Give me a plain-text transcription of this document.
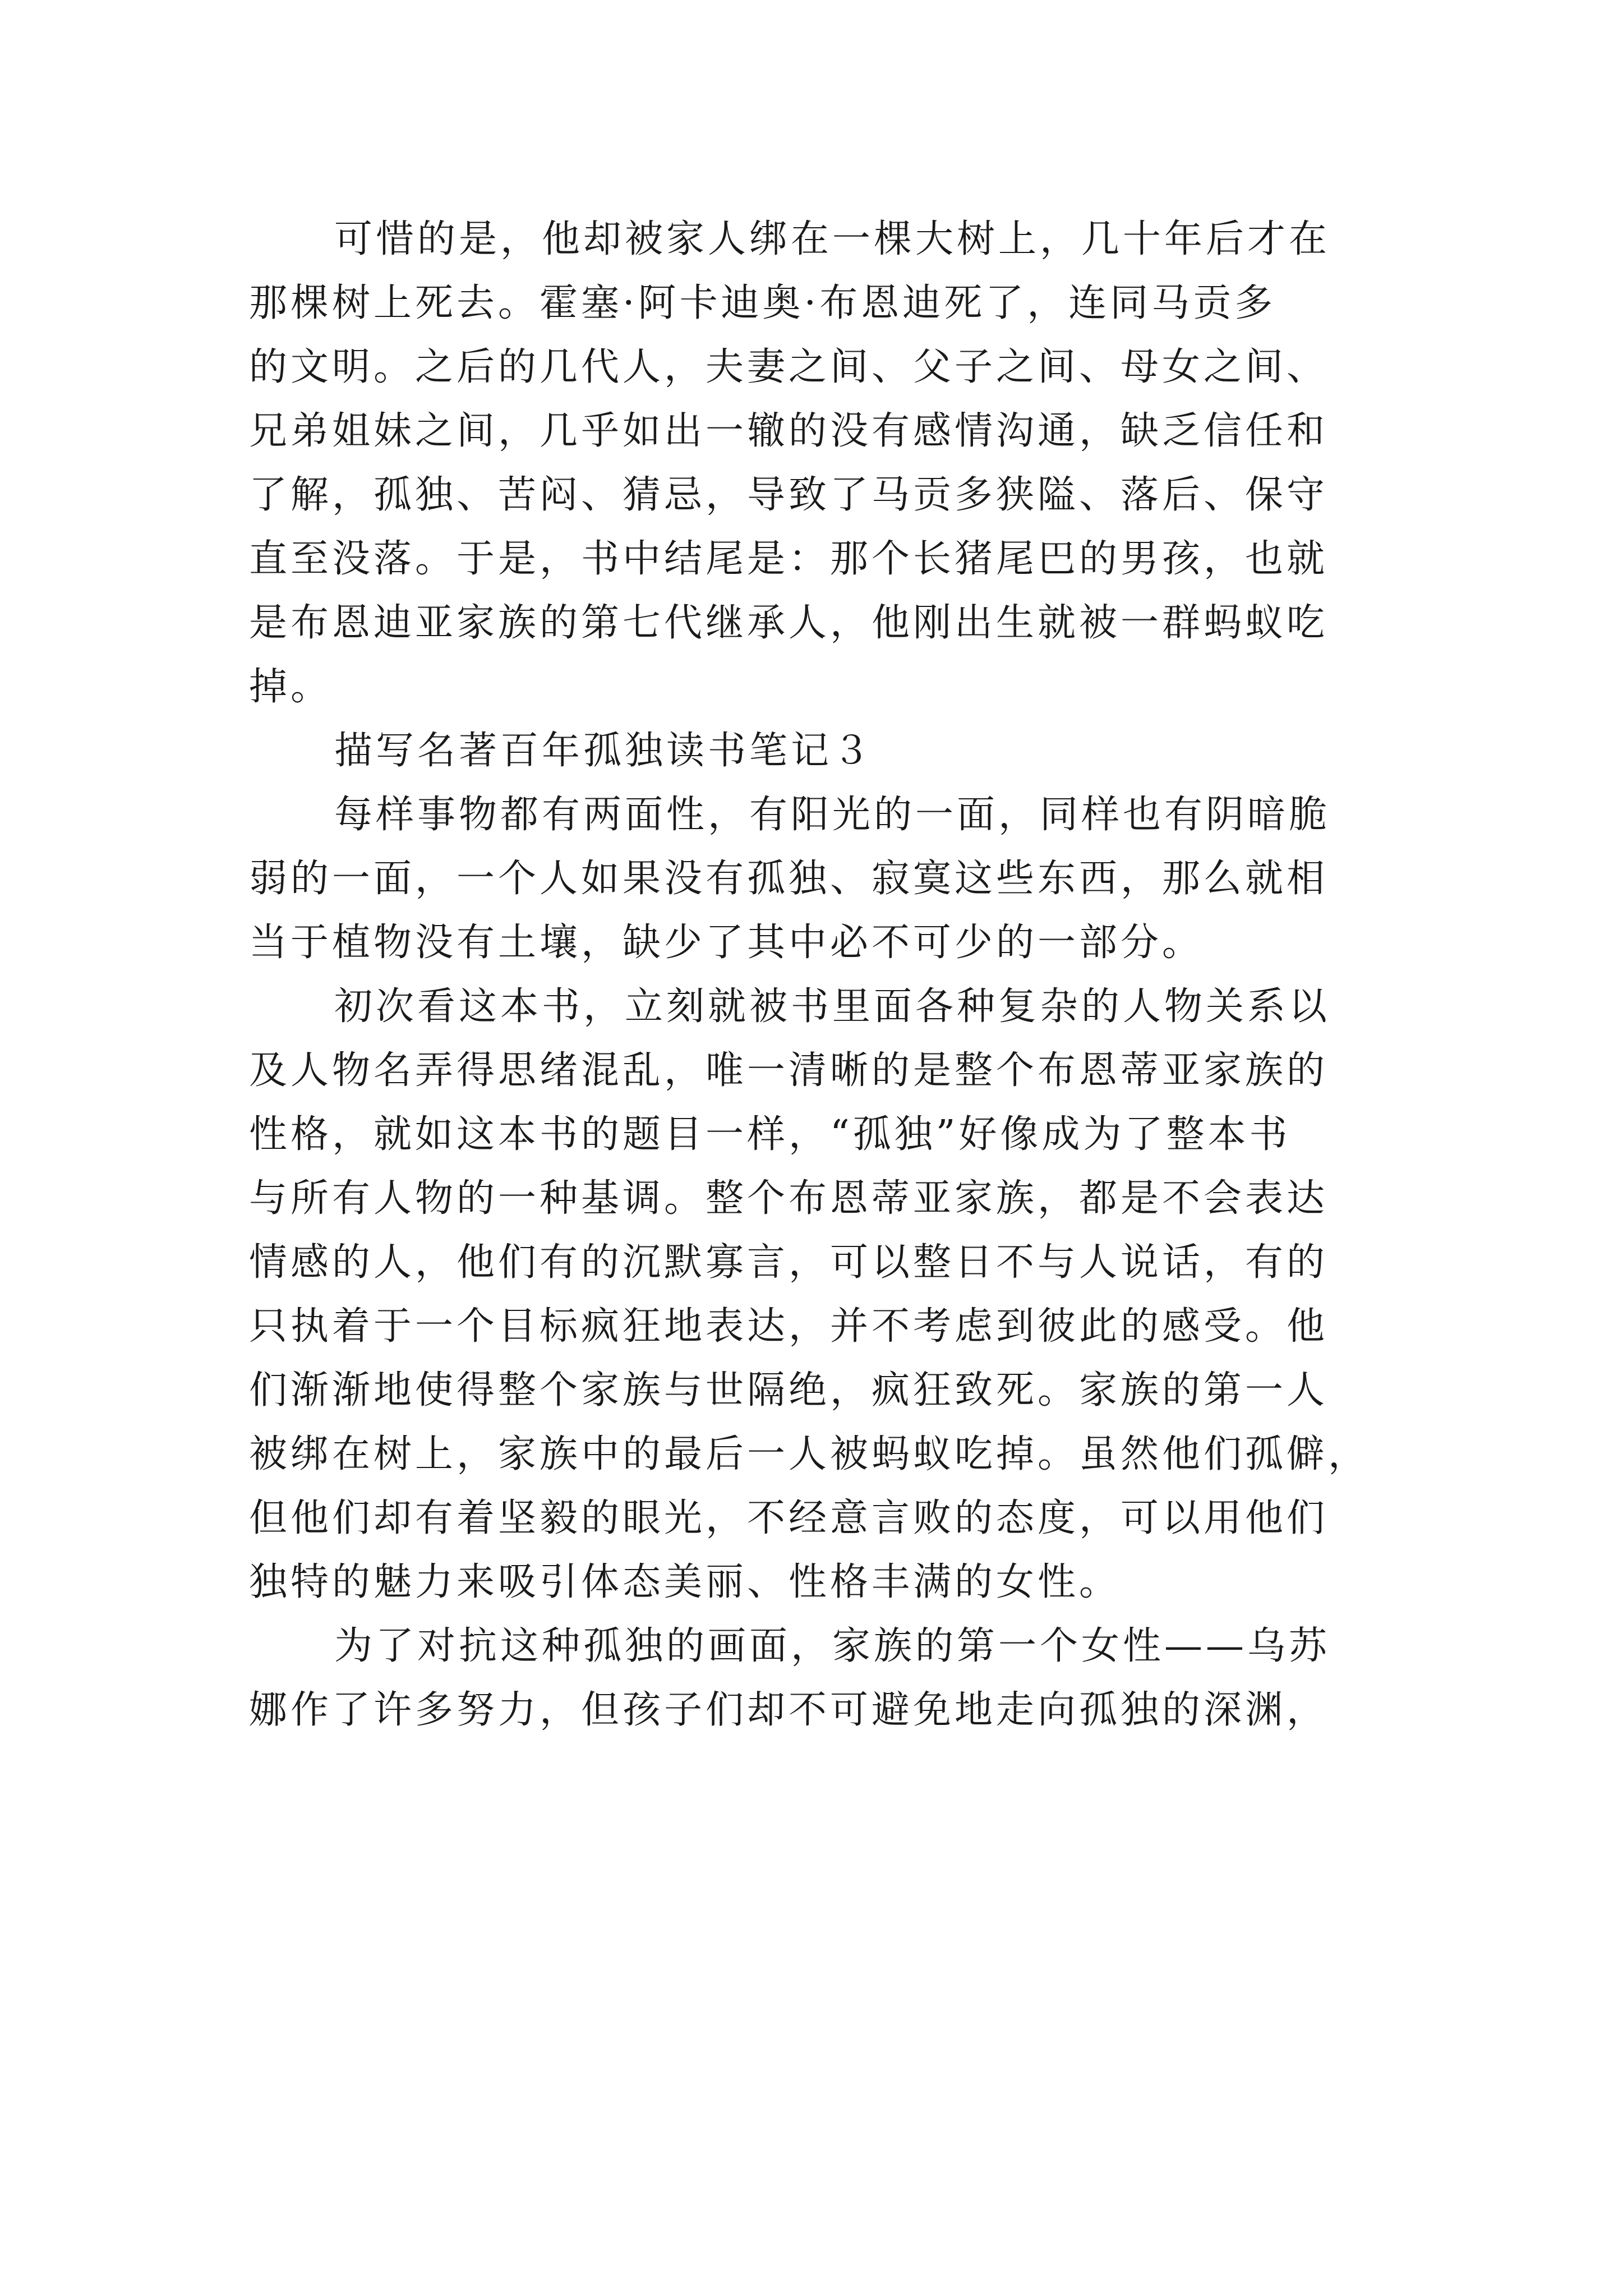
可惜的是，他却被家人绑在一棵大树上，几十年后才在
那棵树上死去。霍塞·阿卡迪奥·布恩迪死了，连同马贡多
的文明。之后的几代人，夫妻之间、父子之间、母女之间、
兄弟姐妹之间，几乎如出一辙的没有感情沟通，缺乏信任和
了解，孤独、苦闷、猜忌，导致了马贡多狭隘、落后、保守
直至没落。于是，书中结尾是：那个长猪尾巴的男孩，也就
是布恩迪亚家族的第七代继承人，他刚出生就被一群蚂蚁吃
掉。
描写名著百年孤独读书笔记３
每样事物都有两面性，有阳光的一面，同样也有阴暗脆
弱的一面，一个人如果没有孤独、寂寞这些东西，那么就相
当于植物没有土壤，缺少了其中必不可少的一部分。
初次看这本书，立刻就被书里面各种复杂的人物关系以
及人物名弄得思绪混乱，唯一清晰的是整个布恩蒂亚家族的
性格，就如这本书的题目一样，“孤独”好像成为了整本书
与所有人物的一种基调。整个布恩蒂亚家族，都是不会表达
情感的人，他们有的沉默寡言，可以整日不与人说话，有的
只执着于一个目标疯狂地表达，并不考虑到彼此的感受。他
们渐渐地使得整个家族与世隔绝，疯狂致死。家族的第一人
被绑在树上，家族中的最后一人被蚂蚁吃掉。虽然他们孤僻，
但他们却有着坚毅的眼光，不经意言败的态度，可以用他们
独特的魅力来吸引体态美丽、性格丰满的女性。
为了对抗这种孤独的画面，家族的第一个女性——乌苏
娜作了许多努力，但孩子们却不可避免地走向孤独的深渊，
